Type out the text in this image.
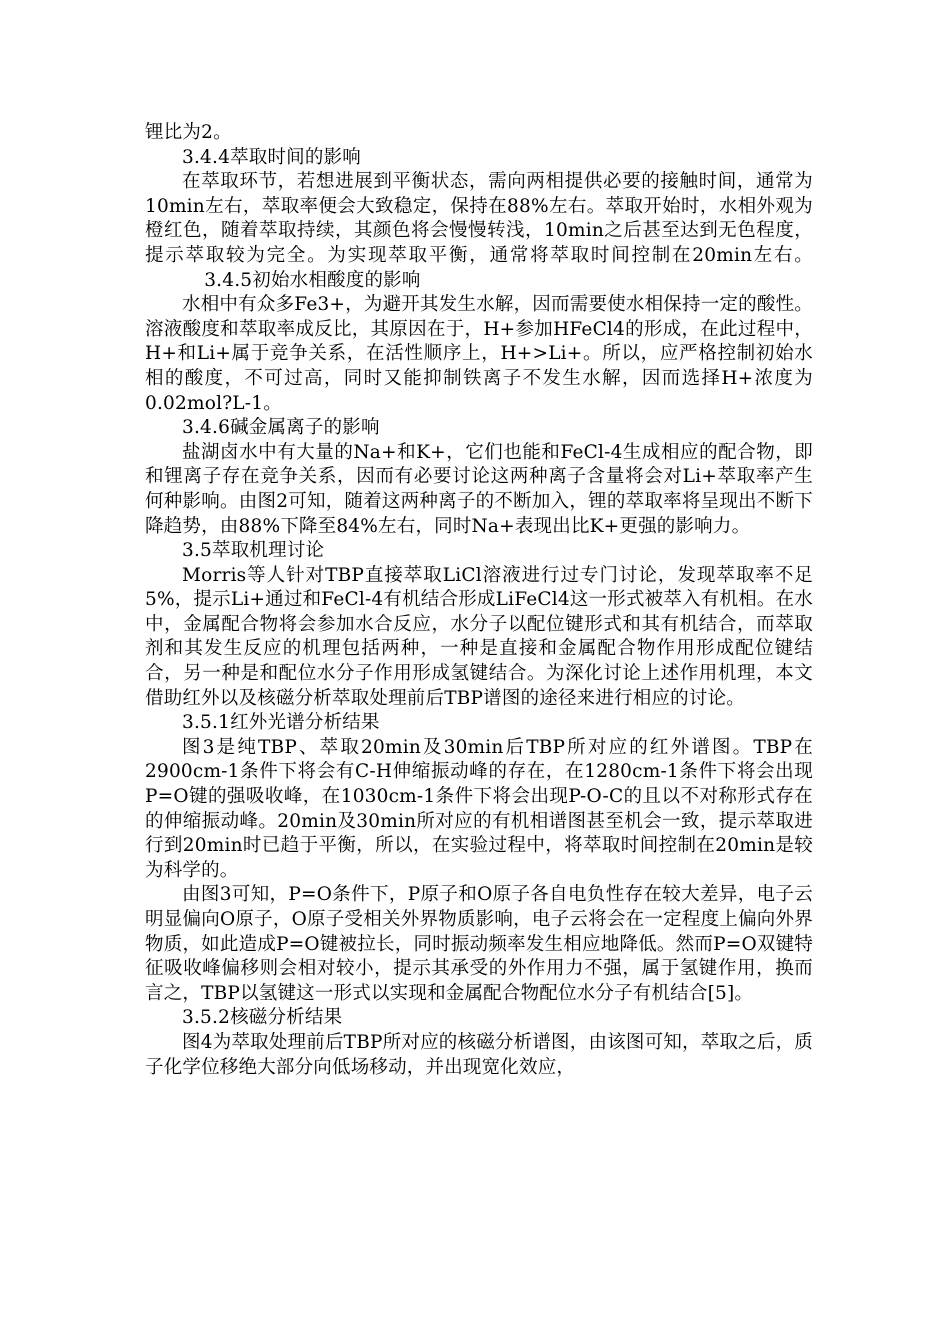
锂比为2。

3.4.4萃取时间的影响

在萃取环节，若想进展到平衡状态，需向两相提供必要的接触时间，通常为10min左右，萃取率便会大致稳定，保持在88%左右。萃取开始时，水相外观为橙红色，随着萃取持续，其颜色将会慢慢转浅，10min之后甚至达到无色程度，提示萃取较为完全。为实现萃取平衡，通常将萃取时间控制在20min左右。3.4.5初始水相酸度的影响

水相中有众多Fe3+，为避开其发生水解，因而需要使水相保持一定的酸性。溶液酸度和萃取率成反比，其原因在于，H+参加HFeCl4的形成，在此过程中，H+和Li+属于竞争关系，在活性顺序上，H+>Li+。所以，应严格控制初始水相的酸度，不可过高，同时又能抑制铁离子不发生水解，因而选择H+浓度为0.02mol?L-1。

3.4.6碱金属离子的影响

盐湖卤水中有大量的Na+和K+，它们也能和FeCl-4生成相应的配合物，即和锂离子存在竞争关系，因而有必要讨论这两种离子含量将会对Li+萃取率产生何种影响。由图2可知，随着这两种离子的不断加入，锂的萃取率将呈现出不断下降趋势，由88%下降至84%左右，同时Na+表现出比K+更强的影响力。

3.5萃取机理讨论

Morris等人针对TBP直接萃取LiCl溶液进行过专门讨论，发现萃取率不足5%，提示Li+通过和FeCl-4有机结合形成LiFeCl4这一形式被萃入有机相。在水中，金属配合物将会参加水合反应，水分子以配位键形式和其有机结合，而萃取剂和其发生反应的机理包括两种，一种是直接和金属配合物作用形成配位键结合，另一种是和配位水分子作用形成氢键结合。为深化讨论上述作用机理，本文借助红外以及核磁分析萃取处理前后TBP谱图的途径来进行相应的讨论。

3.5.1红外光谱分析结果

图3是纯TBP、萃取20min及30min后TBP所对应的红外谱图。TBP在2900cm-1条件下将会有C-H伸缩振动峰的存在，在1280cm-1条件下将会出现P=O键的强吸收峰，在1030cm-1条件下将会出现P-O-C的且以不对称形式存在的伸缩振动峰。20min及30min所对应的有机相谱图甚至机会一致，提示萃取进行到20min时已趋于平衡，所以，在实验过程中，将萃取时间控制在20min是较为科学的。

由图3可知，P=O条件下，P原子和O原子各自电负性存在较大差异，电子云明显偏向O原子，O原子受相关外界物质影响，电子云将会在一定程度上偏向外界物质，如此造成P=O键被拉长，同时振动频率发生相应地降低。然而P=O双键特征吸收峰偏移则会相对较小，提示其承受的外作用力不强，属于氢键作用，换而言之，TBP以氢键这一形式以实现和金属配合物配位水分子有机结合[5]。

3.5.2核磁分析结果

图4为萃取处理前后TBP所对应的核磁分析谱图，由该图可知，萃取之后，质子化学位移绝大部分向低场移动，并出现宽化效应，
